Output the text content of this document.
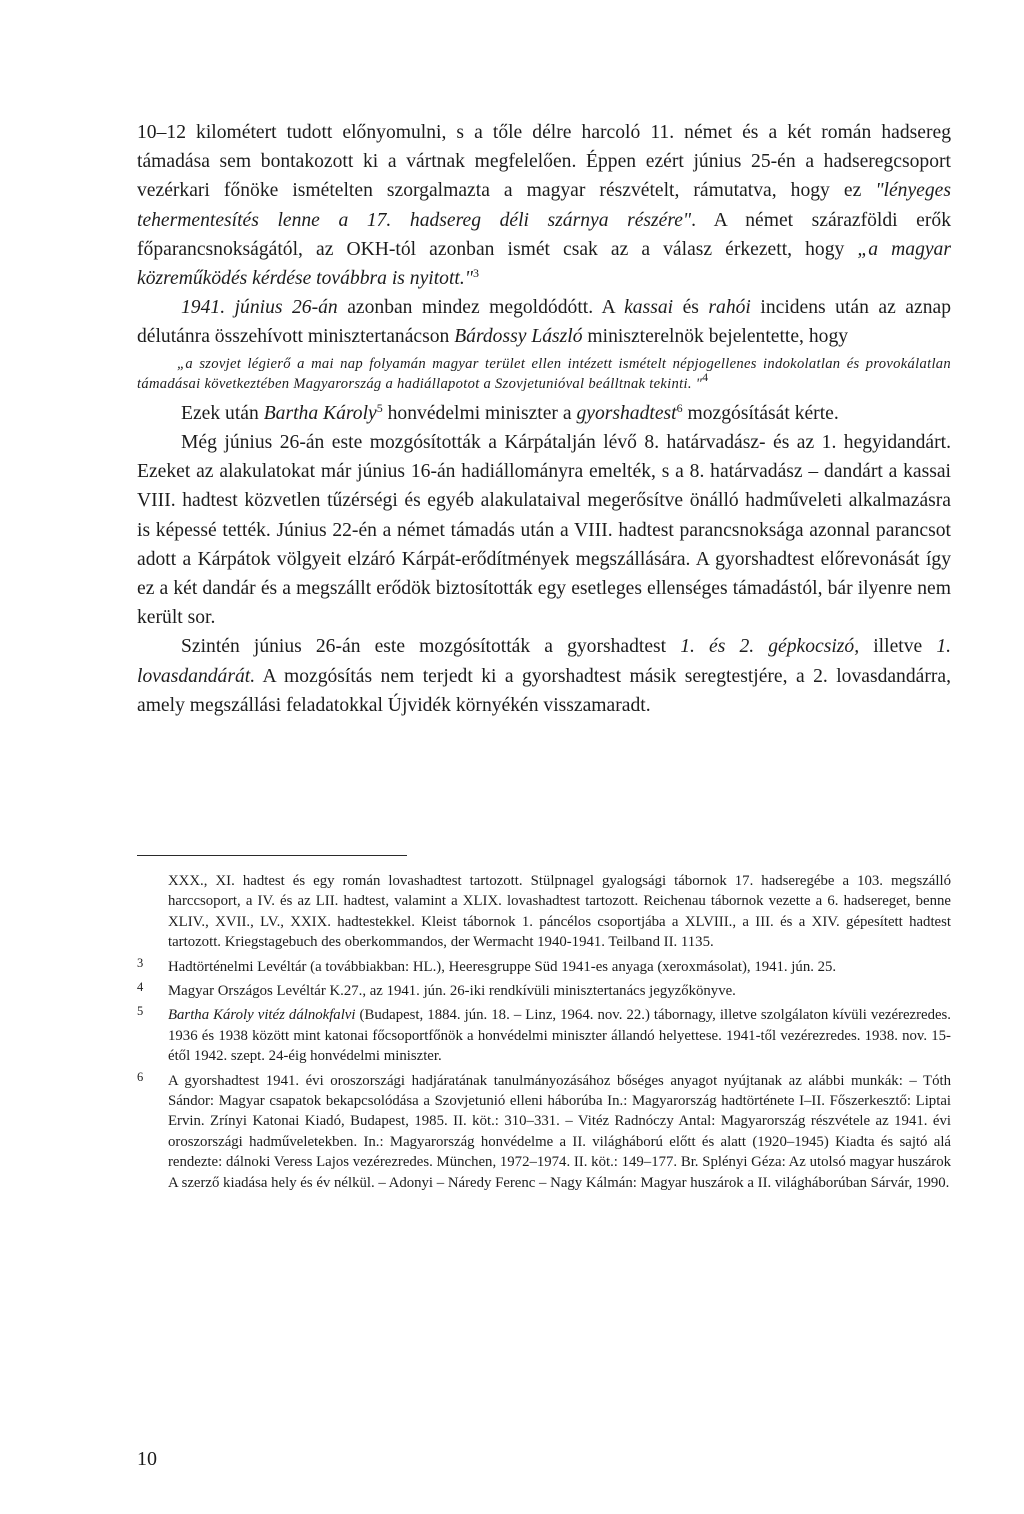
10–12 kilométert tudott előnyomulni, s a tőle délre harcoló 11. német és a két román hadsereg támadása sem bontakozott ki a vártnak megfelelően. Éppen ezért június 25-én a hadseregcsoport vezérkari főnöke ismételten szorgalmazta a magyar részvételt, rámutatva, hogy ez "lényeges tehermentesítés lenne a 17. hadsereg déli szárnya részére". A német szárazföldi erők főparancsnokságától, az OKH-tól azonban ismét csak az a válasz érkezett, hogy „a magyar közreműködés kérdése továbbra is nyitott."$^3$

1941. június 26-án azonban mindez megoldódótt. A kassai és rahói incidens után az aznap délutánra összehívott minisztertanácson Bárdossy László miniszterelnök bejelentette, hogy

„a szovjet légierő a mai nap folyamán magyar terület ellen intézett ismételt népjogellenes indokolatlan és provokálatlan támadásai következtében Magyarország a hadiállapotot a Szovjetunióval beálltnak tekinti. "$^4$

Ezek után Bartha Károly$^5$ honvédelmi miniszter a gyorshadtest$^6$ mozgósítását kérte.

Még június 26-án este mozgósították a Kárpátalján lévő 8. határvadász- és az 1. hegyidandárt. Ezeket az alakulatokat már június 16-án hadiállományra emelték, s a 8. határvadász – dandárt a kassai VIII. hadtest közvetlen tűzérségi és egyéb alakulataival megerősítve önálló hadműveleti alkalmazásra is képessé tették. Június 22-én a német támadás után a VIII. hadtest parancsnoksága azonnal parancsot adott a Kárpátok völgyeit elzáró Kárpát-erődítmények megszállására. A gyorshadtest előrevonását így ez a két dandár és a megszállt erődök biztosították egy esetleges ellenséges támadástól, bár ilyenre nem került sor.

Szintén június 26-án este mozgósították a gyorshadtest 1. és 2. gépkocsizó, illetve 1. lovasdandárát. A mozgósítás nem terjedt ki a gyorshadtest másik seregtestjére, a 2. lovasdandárra, amely megszállási feladatokkal Újvidék környékén visszamaradt.

XXX., XI. hadtest és egy román lovashadtest tartozott. Stülpnagel gyalogsági tábornok 17. hadseregébe a 103. megszálló harccsoport, a IV. és az LII. hadtest, valamint a XLIX. lovashadtest tartozott. Reichenau tábornok vezette a 6. hadsereget, benne XLIV., XVII., LV., XXIX. hadtestekkel. Kleist tábornok 1. páncélos csoportjába a XLVIII., a III. és a XIV. gépesített hadtest tartozott. Kriegstagebuch des oberkommandos, der Wermacht 1940-1941. Teilband II. 1135.
3 Hadtörténelmi Levéltár (a továbbiakban: HL.), Heeresgruppe Süd 1941-es anyaga (xeroxmásolat), 1941. jún. 25.
4 Magyar Országos Levéltár K.27., az 1941. jún. 26-iki rendkívüli minisztertanács jegyzőkönyve.
5 Bartha Károly vitéz dálnokfalvi (Budapest, 1884. jún. 18. – Linz, 1964. nov. 22.) tábornagy, illetve szolgálaton kívüli vezérezredes. 1936 és 1938 között mint katonai főcsoportfőnök a honvédelmi miniszter állandó helyettese. 1941-től vezérezredes. 1938. nov. 15-étől 1942. szept. 24-éig honvédelmi miniszter.
6 A gyorshadtest 1941. évi oroszországi hadjáratának tanulmányozásához bőséges anyagot nyújtanak az alábbi munkák: – Tóth Sándor: Magyar csapatok bekapcsolódása a Szovjetunió elleni háborúba In.: Magyarország hadtörténete I–II. Főszerkesztő: Liptai Ervin. Zrínyi Katonai Kiadó, Budapest, 1985. II. köt.: 310–331. – Vitéz Radnóczy Antal: Magyarország részvétele az 1941. évi oroszországi hadműveletekben. In.: Magyarország honvédelme a II. világháború előtt és alatt (1920–1945) Kiadta és sajtó alá rendezte: dálnoki Veress Lajos vezérezredes. München, 1972–1974. II. köt.: 149–177. Br. Splényi Géza: Az utolsó magyar huszárok A szerző kiadása hely és év nélkül. – Adonyi – Náredy Ferenc – Nagy Kálmán: Magyar huszárok a II. világháborúban Sárvár, 1990.
10
